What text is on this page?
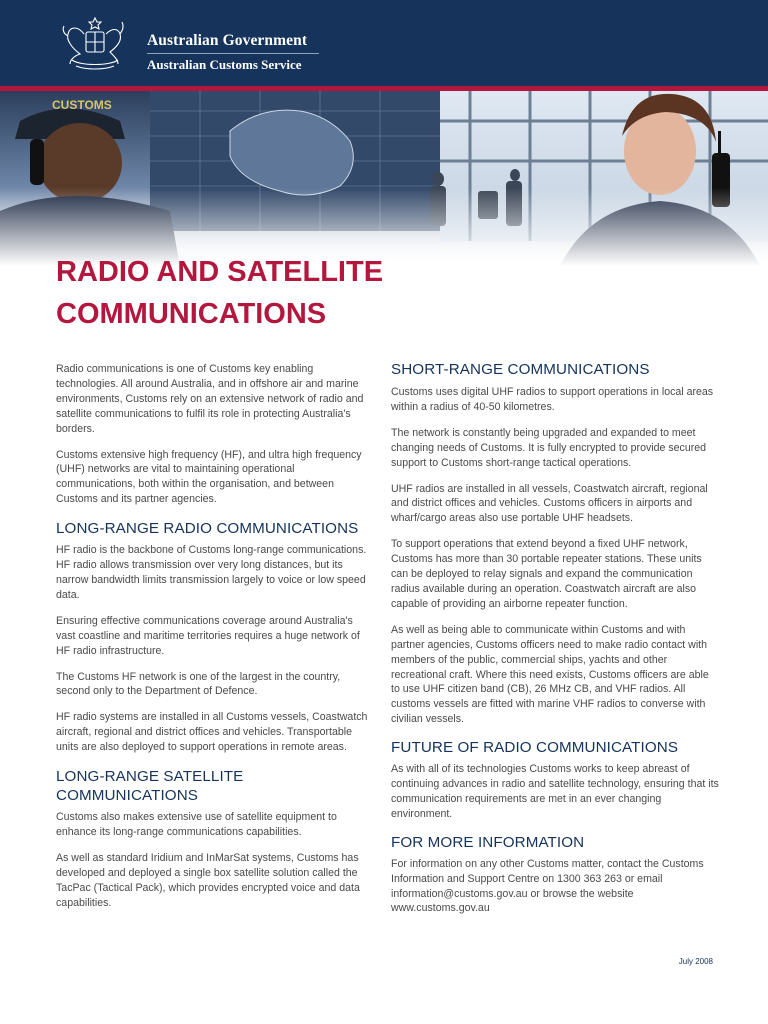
Australian Government
Australian Customs Service
RADIO AND SATELLITE
COMMUNICATIONS

Radio communications is one of Customs key enabling technologies. All around Australia, and in offshore air and marine environments, Customs rely on an extensive network of radio and satellite communications to fulfil its role in protecting Australia's borders.

Customs extensive high frequency (HF), and ultra high frequency (UHF) networks are vital to maintaining operational communications, both within the organisation, and between Customs and its partner agencies.

LONG-RANGE RADIO COMMUNICATIONS

HF radio is the backbone of Customs long-range communications. HF radio allows transmission over very long distances, but its narrow bandwidth limits transmission largely to voice or low speed data.

Ensuring effective communications coverage around Australia's vast coastline and maritime territories requires a huge network of HF radio infrastructure.

The Customs HF network is one of the largest in the country, second only to the Department of Defence.

HF radio systems are installed in all Customs vessels, Coastwatch aircraft, regional and district offices and vehicles. Transportable units are also deployed to support operations in remote areas.

LONG-RANGE SATELLITE
COMMUNICATIONS

Customs also makes extensive use of satellite equipment to enhance its long-range communications capabilities.

As well as standard Iridium and InMarSat systems, Customs has developed and deployed a single box satellite solution called the TacPac (Tactical Pack), which provides encrypted voice and data capabilities.

SHORT-RANGE COMMUNICATIONS

Customs uses digital UHF radios to support operations in local areas within a radius of 40-50 kilometres.

The network is constantly being upgraded and expanded to meet changing needs of Customs. It is fully encrypted to provide secured support to Customs short-range tactical operations.

UHF radios are installed in all vessels, Coastwatch aircraft, regional and district offices and vehicles. Customs officers in airports and wharf/cargo areas also use portable UHF headsets.

To support operations that extend beyond a fixed UHF network, Customs has more than 30 portable repeater stations. These units can be deployed to relay signals and expand the communication radius available during an operation. Coastwatch aircraft are also capable of providing an airborne repeater function.

As well as being able to communicate within Customs and with partner agencies, Customs officers need to make radio contact with members of the public, commercial ships, yachts and other recreational craft. Where this need exists, Customs officers are able to use UHF citizen band (CB), 26 MHz CB, and VHF radios. All customs vessels are fitted with marine VHF radios to converse with civilian vessels.

FUTURE OF RADIO COMMUNICATIONS

As with all of its technologies Customs works to keep abreast of continuing advances in radio and satellite technology, ensuring that its communication requirements are met in an ever changing environment.

FOR MORE INFORMATION

For information on any other Customs matter, contact the Customs Information and Support Centre on 1300 363 263 or email information@customs.gov.au or browse the website www.customs.gov.au

July 2008
